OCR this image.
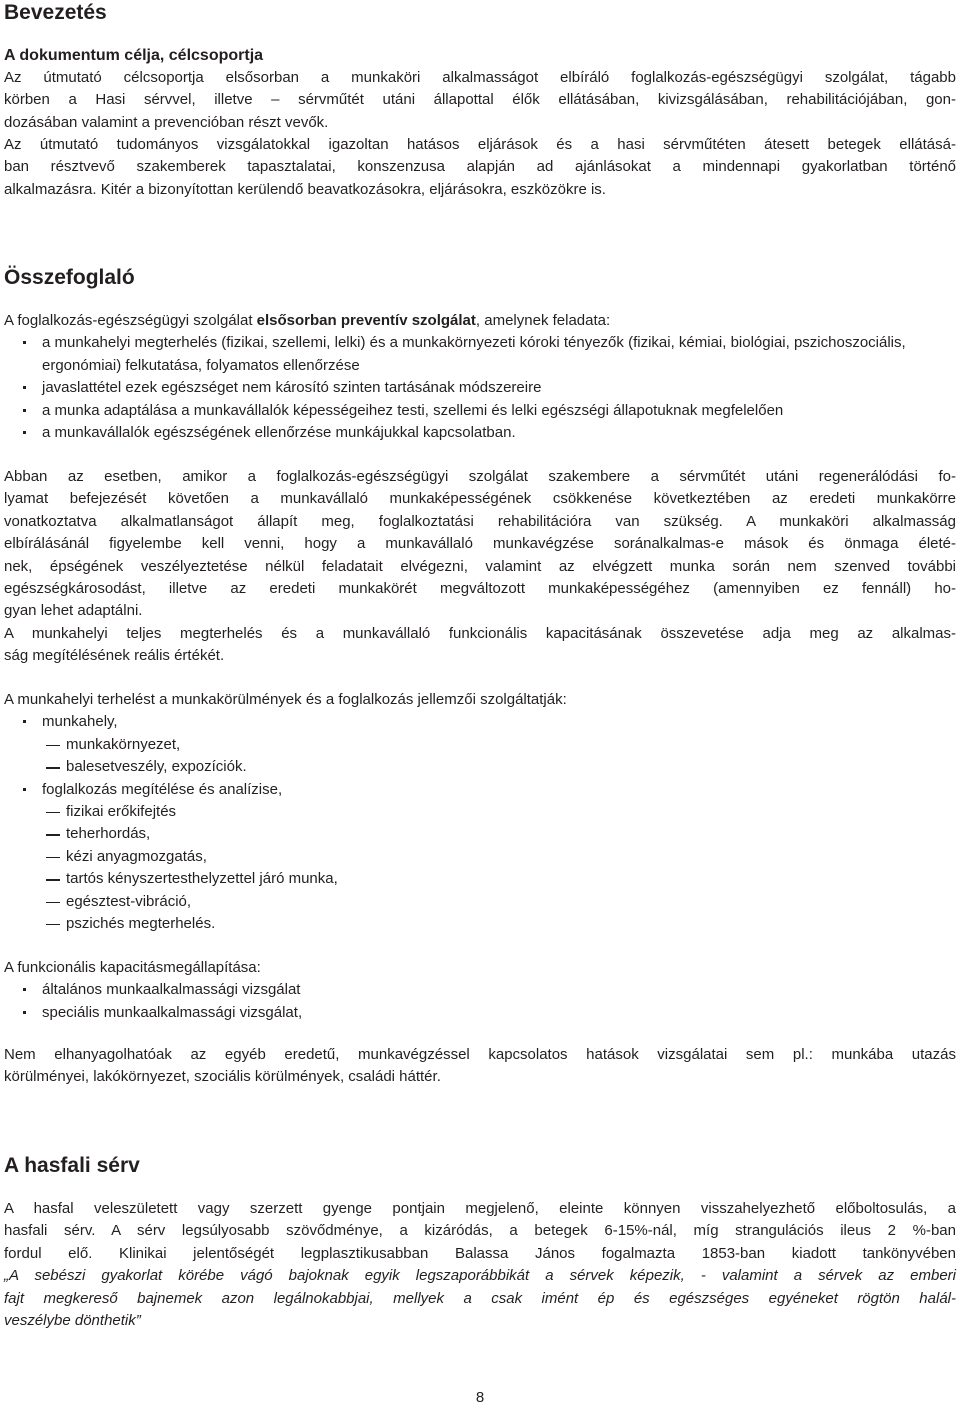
Bevezetés
A dokumentum célja, célcsoportja

Az útmutató célcsoportja elsősorban a munkaköri alkalmasságot elbíráló foglalkozás-egészségügyi szolgálat, tágabb

körben a Hasi sérvvel, illetve – sérvműtét utáni állapottal élők ellátásában, kivizsgálásában, rehabilitációjában, gon-

dozásában valamint a prevencióban részt vevők.

Az útmutató tudományos vizsgálatokkal igazoltan hatásos eljárások és a hasi sérvműtéten átesett betegek ellátásá-

ban résztvevő szakemberek tapasztalatai, konszenzusa alapján ad ajánlásokat a mindennapi gyakorlatban történő

alkalmazásra. Kitér a bizonyítottan kerülendő beavatkozásokra, eljárásokra, eszközökre is.

Összefoglaló

A foglalkozás-egészségügyi szolgálat elsősorban preventív szolgálat, amelynek feladata:

a munkahelyi megterhelés (fizikai, szellemi, lelki) és a munkakörnyezeti kóroki tényezők (fizikai, kémiai, biológiai, pszichoszociális, ergonómiai) felkutatása, folyamatos ellenőrzése
javaslattétel ezek egészséget nem károsító szinten tartásának módszereire
a munka adaptálása a munkavállalók képességeihez testi, szellemi és lelki egészségi állapotuknak megfelelően
a munkavállalók egészségének ellenőrzése munkájukkal kapcsolatban.

Abban az esetben, amikor a foglalkozás-egészségügyi szolgálat szakembere a sérvműtét utáni regenerálódási fo-

lyamat befejezését követően a munkavállaló munkaképességének csökkenése következtében az eredeti munkakörre

vonatkoztatva alkalmatlanságot állapít meg, foglalkoztatási rehabilitációra van szükség. A munkaköri alkalmasság

elbírálásánál figyelembe kell venni, hogy a munkavállaló munkavégzése soránalkalmas-e mások és önmaga életé-

nek, épségének veszélyeztetése nélkül feladatait elvégezni, valamint az elvégzett munka során nem szenved további

egészségkárosodást, illetve az eredeti munkakörét megváltozott munkaképességéhez (amennyiben ez fennáll) ho-

gyan lehet adaptálni.

A munkahelyi teljes megterhelés és a munkavállaló funkcionális kapacitásának összevetése adja meg az alkalmas-

ság megítélésének reális értékét.

A munkahelyi terhelést a munkakörülmények és a foglalkozás jellemzői szolgáltatják:

munkahely,
munkakörnyezet,
balesetveszély, expozíciók.
foglalkozás megítélése és analízise,
fizikai erőkifejtés
teherhordás,
kézi anyagmozgatás,
tartós kényszertesthelyzettel járó munka,
egésztest-vibráció,
pszichés megterhelés.

A funkcionális kapacitásmegállapítása:

általános munkaalkalmassági vizsgálat
speciális munkaalkalmassági vizsgálat,

Nem elhanyagolhatóak az egyéb eredetű, munkavégzéssel kapcsolatos hatások vizsgálatai sem pl.: munkába utazás

körülményei, lakókörnyezet, szociális körülmények, családi háttér.

A hasfali sérv

A hasfal veleszületett vagy szerzett gyenge pontjain megjelenő, eleinte könnyen visszahelyezhető előboltosulás, a

hasfali sérv. A sérv legsúlyosabb szövődménye, a kizáródás, a betegek 6-15%-nál, míg strangulációs ileus 2 %-ban

fordul elő. Klinikai jelentőségét legplasztikusabban Balassa János fogalmazta 1853-ban kiadott tankönyvében

„A sebészi gyakorlat körébe vágó bajoknak egyik legszaporábbikát a sérvek képezik, - valamint a sérvek az emberi

fajt megkereső bajnemek azon legálnokabbjai, mellyek a csak imént ép és egészséges egyéneket rögtön halál-

veszélybe dönthetik”

8
